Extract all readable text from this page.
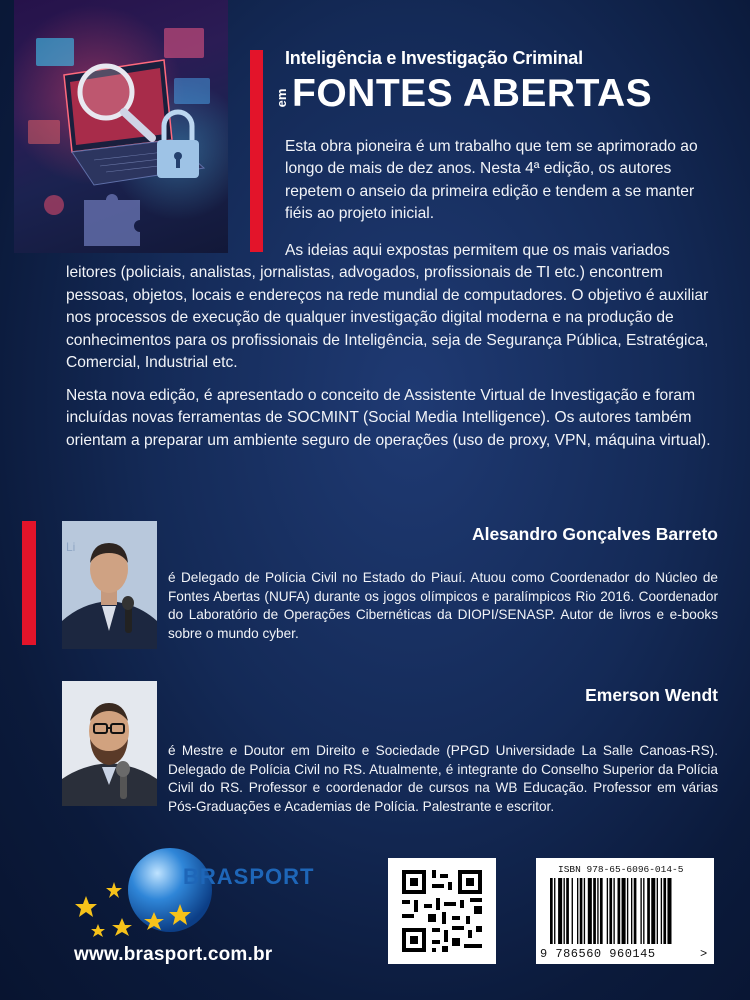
Inteligência e Investigação Criminal
em FONTES ABERTAS
Esta obra pioneira é um trabalho que tem se aprimorado ao longo de mais de dez anos. Nesta 4ª edição, os autores repetem o anseio da primeira edição e tendem a se manter fiéis ao projeto inicial.
As ideias aqui expostas permitem que os mais variados leitores (policiais, analistas, jornalistas, advogados, profissionais de TI etc.) encontrem pessoas, objetos, locais e endereços na rede mundial de computadores. O objetivo é auxiliar nos processos de execução de qualquer investigação digital moderna e na produção de conhecimentos para os profissionais de Inteligência, seja de Segurança Pública, Estratégica, Comercial, Industrial etc.
Nesta nova edição, é apresentado o conceito de Assistente Virtual de Investigação e foram incluídas novas ferramentas de SOCMINT (Social Media Intelligence). Os autores também orientam a preparar um ambiente seguro de operações (uso de proxy, VPN, máquina virtual).
Alesandro Gonçalves Barreto
Li
é Delegado de Polícia Civil no Estado do Piauí. Atuou como Coordenador do Núcleo de Fontes Abertas (NUFA) durante os jogos olímpicos e paralímpicos Rio 2016. Coordenador do Laboratório de Operações Cibernéticas da DIOPI/SENASP. Autor de livros e e-books sobre o mundo cyber.
Emerson Wendt
é Mestre e Doutor em Direito e Sociedade (PPGD Universidade La Salle Canoas-RS). Delegado de Polícia Civil no RS. Atualmente, é integrante do Conselho Superior da Polícia Civil do RS. Professor e coordenador de cursos na WB Educação. Professor em várias Pós-Graduações e Academias de Polícia. Palestrante e escritor.
BRASPORT
www.brasport.com.br
ISBN 978-65-6096-014-5
9 786560 960145	>
